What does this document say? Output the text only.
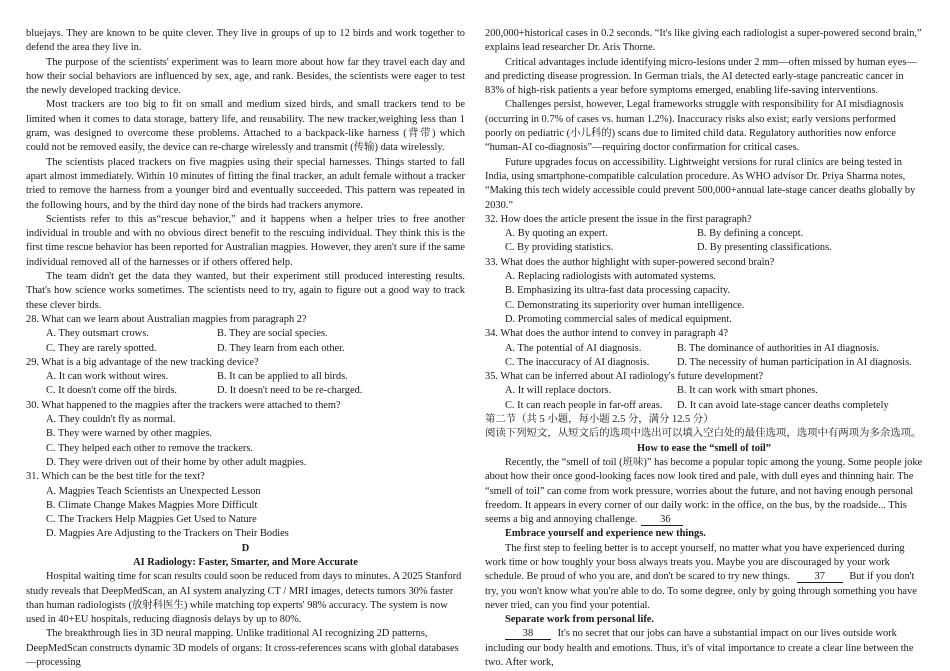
bluejays. They are known to be quite clever. They live in groups of up to 12 birds and work together to defend the area they live in.

The purpose of the scientists' experiment was to learn more about how far they travel each day and how their social behaviors are influenced by sex, age, and rank. Besides, the scientists were eager to test the newly developed tracking device.

Most trackers are too big to fit on small and medium sized birds, and small trackers tend to be limited when it comes to data storage, battery life, and reusability. The new tracker,weighing less than 1 gram, was designed to overcome these problems. Attached to a backpack-like harness (背带) which could not be removed easily, the device can re-charge wirelessly and transmit (传输) data wirelessly.

The scientists placed trackers on five magpies using their special harnesses. Things started to fall apart almost immediately. Within 10 minutes of fitting the final tracker, an adult female without a tracker tried to remove the harness from a younger bird and eventually succeeded. This pattern was repeated in the following hours, and by the third day none of the birds had trackers anymore.

Scientists refer to this as“rescue behavior,” and it happens when a helper tries to free another individual in trouble and with no obvious direct benefit to the rescuing individual. They think this is the first time rescue behavior has been reported for Australian magpies. However, they aren't sure if the same individual removed all of the harnesses or if others offered help.

The team didn't get the data they wanted, but their experiment still produced interesting results. That's how science works sometimes. The scientists need to try, again to figure out a good way to track these clever birds.

28. What can we learn about Australian magpies from paragraph 2?

A. They outsmart crows.	B. They are social species.
C. They are rarely spotted.	D. They learn from each other.

29. What is a big advantage of the new tracking device?

A. It can work without wires.	B. It can be applied to all birds.
C. It doesn't come off the birds.	D. It doesn't need to be re-charged.

30. What happened to the magpies after the trackers were attached to them?

A. They couldn't fly as normal.

B. They were warned by other magpies.

C. They helped each other to remove the trackers.

D. They were driven out of their home by other adult magpies.

31. Which can be the best title for the text?

A. Magpies Teach Scientists an Unexpected Lesson

B. Climate Change Makes Magpies More Difficult

C. The Trackers Help Magpies Get Used to Nature

D. Magpies Are Adjusting to the Trackers on Their Bodies

D

AI Radiology: Faster, Smarter, and More Accurate

Hospital waiting time for scan results could soon be reduced from days to minutes. A 2025 Stanford study reveals that DeepMedScan, an AI system analyzing CT / MRI images, detects tumors 30% faster than human radiologists (放射科医生) while matching top experts' 98% accuracy. The system is now used in 40+EU hospitals, reducing diagnosis delays by up to 80%.

The breakthrough lies in 3D neural mapping. Unlike traditional AI recognizing 2D patterns, DeepMedScan constructs dynamic 3D models of organs: It cross-references scans with global databases—processing

200,000+historical cases in 0.2 seconds. “It's like giving each radiologist a super-powered second brain,” explains lead researcher Dr. Aris Thorne.

Critical advantages include identifying micro-lesions under 2 mm—often missed by human eyes—and predicting disease progression. In German trials, the AI detected early-stage pancreatic cancer in 83% of high-risk patients a year before symptoms emerged, enabling life-saving interventions.

Challenges persist, however, Legal frameworks struggle with responsibility for AI misdiagnosis (occurring in 0.7% of cases vs. human 1.2%). Inaccuracy risks also exist; early versions performed poorly on pediatric (小儿科的) scans due to limited child data. Regulatory authorities now enforce “human-AI co-diagnosis”—requiring doctor confirmation for critical cases.

Future upgrades focus on accessibility. Lightweight versions for rural clinics are being tested in India, using smartphone-compatible calculation procedure. As WHO advisor Dr. Priya Sharma notes, “Making this tech widely accessible could prevent 500,000+annual late-stage cancer deaths globally by 2030.”

32. How does the article present the issue in the first paragraph?

A. By quoting an expert.	B. By defining a concept.
C. By providing statistics.	D. By presenting classifications.

33. What does the author highlight with super-powered second brain?

A. Replacing radiologists with automated systems.

B. Emphasizing its ultra-fast data processing capacity.

C. Demonstrating its superiority over human intelligence.

D. Promoting commercial sales of medical equipment.

34. What does the author intend to convey in paragraph 4?

A. The potential of AI diagnosis.	B. The dominance of authorities in AI diagnosis.
C. The inaccuracy of AI diagnosis.	D. The necessity of human participation in AI diagnosis.

35. What can be inferred about AI radiology's future development?

A. It will replace doctors.	B. It can work with smart phones.
C. It can reach people in far-off areas.	D. It can avoid late-stage cancer deaths completely

第二节（共 5 小题，每小题 2.5 分，满分 12.5 分）

阅读下列短文，从短文后的选项中选出可以填入空白处的最佳选项，选项中有两项为多余选项。

How to ease the “smell of toil”

Recently, the “smell of toil (班味)” has become a popular topic among the young. Some people joke about how their once good-looking faces now look tired and pale, with dull eyes and thinning hair. The “smell of toil” can come from work pressure, worries about the future, and not having enough personal freedom. It appears in every corner of our daily work: in the office, on the bus, by the roadside... This seems a big and annoying challenge. 36

Embrace yourself and experience new things.

The first step to feeling better is to accept yourself, no matter what you have experienced during work time or how toughly your boss always treats you. Maybe you are discouraged by your work schedule. Be proud of who you are, and don't be scared to try new things. 37 But if you don't try, you won't know what you're able to do. To some degree, only by going through something you have never tried, can you find your potential.

Separate work from personal life.

38 It's no secret that our jobs can have a substantial impact on our lives outside work including our body health and emotions. Thus, it's of vital importance to create a clear line between the two. After work,
